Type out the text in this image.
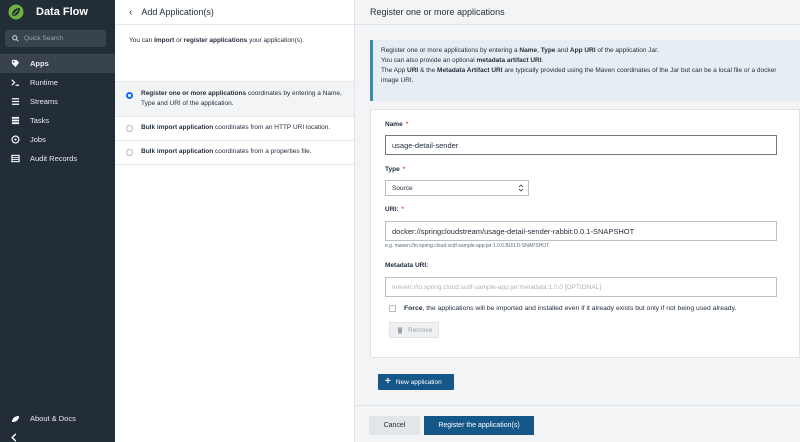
Data Flow
Quick Search
Apps
Runtime
Streams
Tasks
Jobs
Audit Records
About & Docs
‹ Add Application(s)
You can Import or register applications your application(s).
Register one or more applications coordinates by entering a Name, Type and URI of the application.
Bulk import application coordinates from an HTTP URI location.
Bulk import application coordinates from a properties file.
Register one or more applications
Register one or more applications by entering a Name, Type and App URI of the application Jar.
You can also provide an optional metadata artifact URI.
The App URI & the Metadata Artifact URI are typically provided using the Maven coordinates of the Jar but can be a local file or a docker image URI.
Name *
usage-detail-sender
Type *
Source
URI: *
docker://springcloudstream/usage-detail-sender-rabbit:0.0.1-SNAPSHOT
e.g. maven://io.spring.cloud:scdf-sample-app:jar:1.0.0.BUILD-SNAPSHOT
Metadata URI:
maven://io.spring.cloud:scdf-sample-app:jar:metadata:1.0.0 [OPTIONAL]
Force, the applications will be imported and installed even if it already exists but only if not being used already.
Remove
+ New application
Cancel	Register the application(s)
